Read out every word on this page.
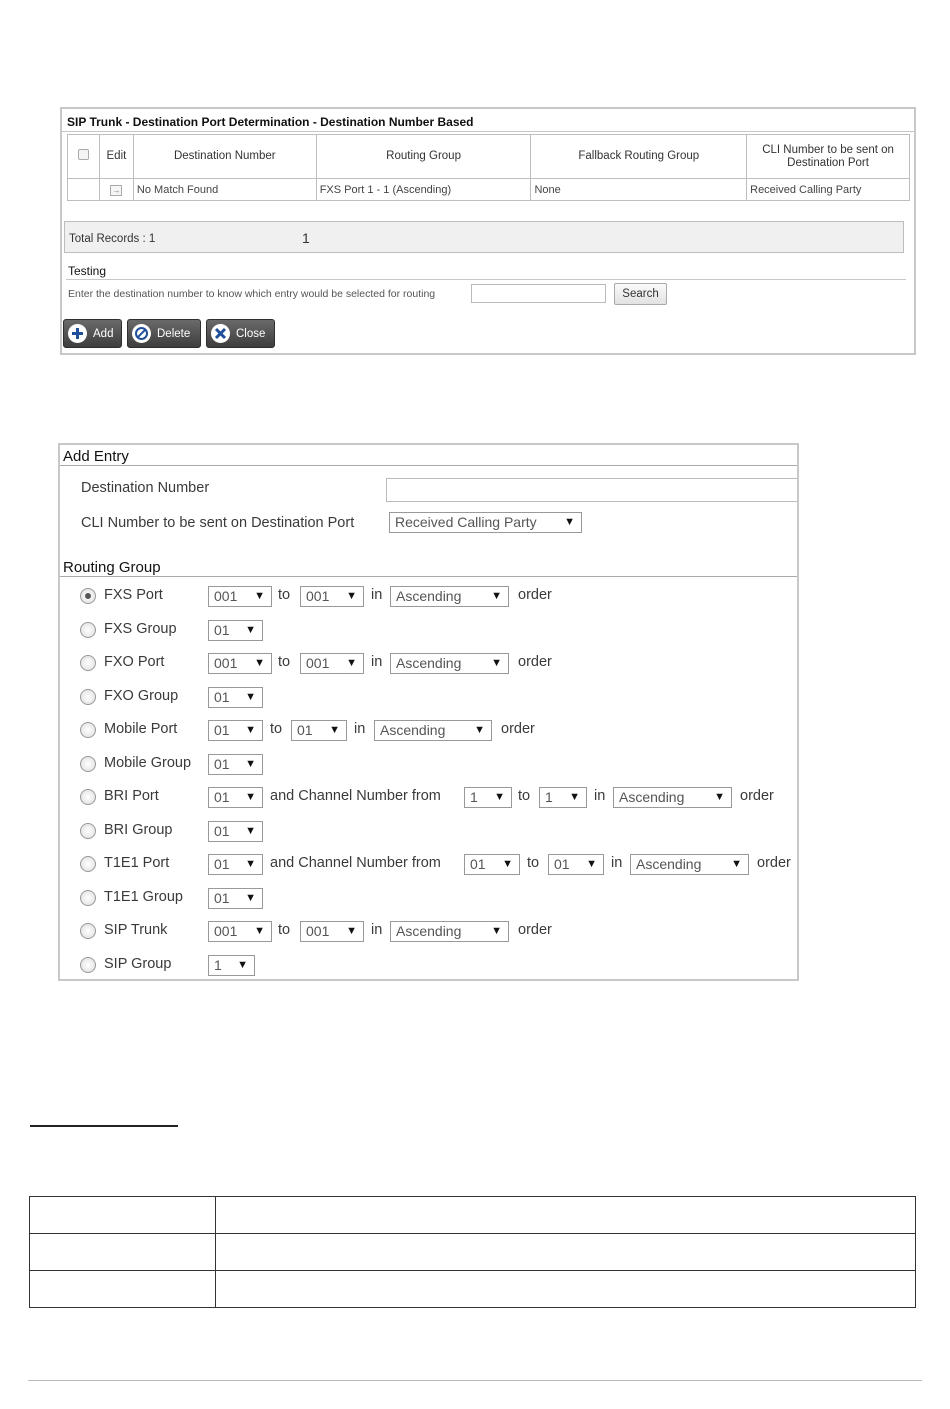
SIP Trunk - Destination Port Determination - Destination Number Based
	Edit	Destination Number	Routing Group	Fallback Routing Group	CLI Number to be sent on Destination Port
	→	No Match Found	FXS Port 1 - 1 (Ascending)	None	Received Calling Party
Total Records : 1	1
Testing
Enter the destination number to know which entry would be selected for routing	Search
Add	Delete	Close
Add Entry
Destination Number
CLI Number to be sent on Destination Port	Received Calling Party ▼
Routing Group
FXS Port	001 ▼ to	001 ▼ in Ascending	▼ order
FXS Group	01 ▼
FXO Port	001 ▼ to	001 ▼ in Ascending	▼ order
FXO Group	01 ▼
Mobile Port	01 ▼ to	01 ▼ in	Ascending	▼ order
Mobile Group	01 ▼
BRI Port	01 ▼ and Channel Number from	1 ▼ to	1 ▼ in Ascending	▼ order
BRI Group	01 ▼
T1E1 Port	01 ▼ and Channel Number from	01 ▼ to	01 ▼ in Ascending	▼ order
T1E1 Group	01 ▼
SIP Trunk	001 ▼ to	001 ▼ in Ascending	▼ order
SIP Group	1 ▼
